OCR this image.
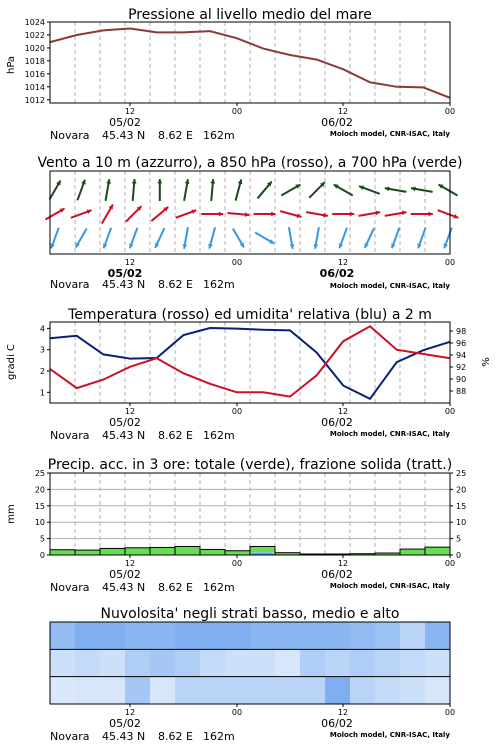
Pressione al livello medio del mare
hPa
1012
1014
1016
1018
1020
1022
1024
12	00	12	00
05/02	06/02
Novara 45.43 N 8.62 E 162m	Moloch model, CNR-ISAC, Italy
Vento a 10 m (azzurro), a 850 hPa (rosso), a 700 hPa (verde)
12	00	12	00
05/02	06/02
Novara 45.43 N 8.62 E 162m	Moloch model, CNR-ISAC, Italy
Temperatura (rosso) ed umidita' relativa (blu) a 2 m
gradi C	%
1
2
3
4
88
90
92
94
96
98
12	00	12	00
05/02	06/02
Novara 45.43 N 8.62 E 162m	Moloch model, CNR-ISAC, Italy
Precip. acc. in 3 ore: totale (verde), frazione solida (tratt.)
mm
0
5
10
15
20
25
0
5
10
15
20
25
12	00	12	00
05/02	06/02
Novara 45.43 N 8.62 E 162m	Moloch model, CNR-ISAC, Italy
Nuvolosita' negli strati basso, medio e alto
12	00	12	00
05/02	06/02
Novara 45.43 N 8.62 E 162m	Moloch model, CNR-ISAC, Italy
